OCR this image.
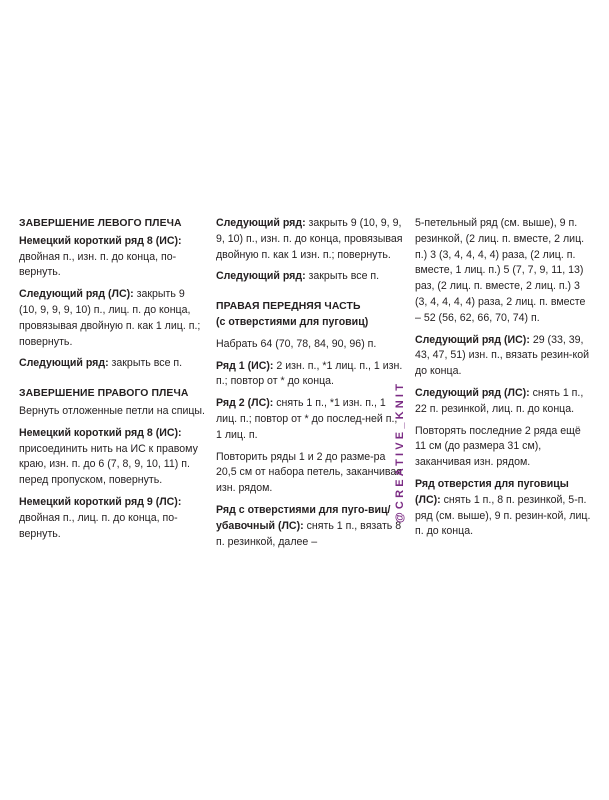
ЗАВЕРШЕНИЕ ЛЕВОГО ПЛЕЧА

Немецкий короткий ряд 8 (ИС): двойная п., изн. п. до конца, по-вернуть.

Следующий ряд (ЛС): закрыть 9 (10, 9, 9, 9, 10) п., лиц. п. до конца, провязывая двойную п. как 1 лиц. п.; повернуть.

Следующий ряд: закрыть все п.

ЗАВЕРШЕНИЕ ПРАВОГО ПЛЕЧА

Вернуть отложенные петли на спицы.

Немецкий короткий ряд 8 (ИС): присоединить нить на ИС к правому краю, изн. п. до 6 (7, 8, 9, 10, 11) п. перед пропуском, повернуть.

Немецкий короткий ряд 9 (ЛС): двойная п., лиц. п. до конца, по-вернуть.

Следующий ряд: закрыть 9 (10, 9, 9, 9, 10) п., изн. п. до конца, провязывая двойную п. как 1 изн. п.; повернуть.

Следующий ряд: закрыть все п.

ПРАВАЯ ПЕРЕДНЯЯ ЧАСТЬ

(с отверстиями для пуговиц)

Набрать 64 (70, 78, 84, 90, 96) п.

Ряд 1 (ИС): 2 изн. п., *1 лиц. п., 1 изн. п.; повтор от * до конца.

Ряд 2 (ЛС): снять 1 п., *1 изн. п., 1 лиц. п.; повтор от * до послед-ней п., 1 лиц. п.

Повторить ряды 1 и 2 до разме-ра 20,5 см от набора петель, заканчивая изн. рядом.

Ряд с отверстиями для пуго-виц/убавочный (ЛС): снять 1 п., вязать 8 п. резинкой, далее –

@CREATIVE_KNIT

5-петельный ряд (см. выше), 9 п. резинкой, (2 лиц. п. вместе, 2 лиц. п.) 3 (3, 4, 4, 4, 4) раза, (2 лиц. п. вместе, 1 лиц. п.) 5 (7, 7, 9, 11, 13) раз, (2 лиц. п. вместе, 2 лиц. п.) 3 (3, 4, 4, 4, 4) раза, 2 лиц. п. вместе – 52 (56, 62, 66, 70, 74) п.

Следующий ряд (ИС): 29 (33, 39, 43, 47, 51) изн. п., вязать резин-кой до конца.

Следующий ряд (ЛС): снять 1 п., 22 п. резинкой, лиц. п. до конца.

Повторять последние 2 ряда ещё 11 см (до размера 31 см), заканчивая изн. рядом.

Ряд отверстия для пуговицы (ЛС): снять 1 п., 8 п. резинкой, 5-п. ряд (см. выше), 9 п. резин-кой, лиц. п. до конца.
